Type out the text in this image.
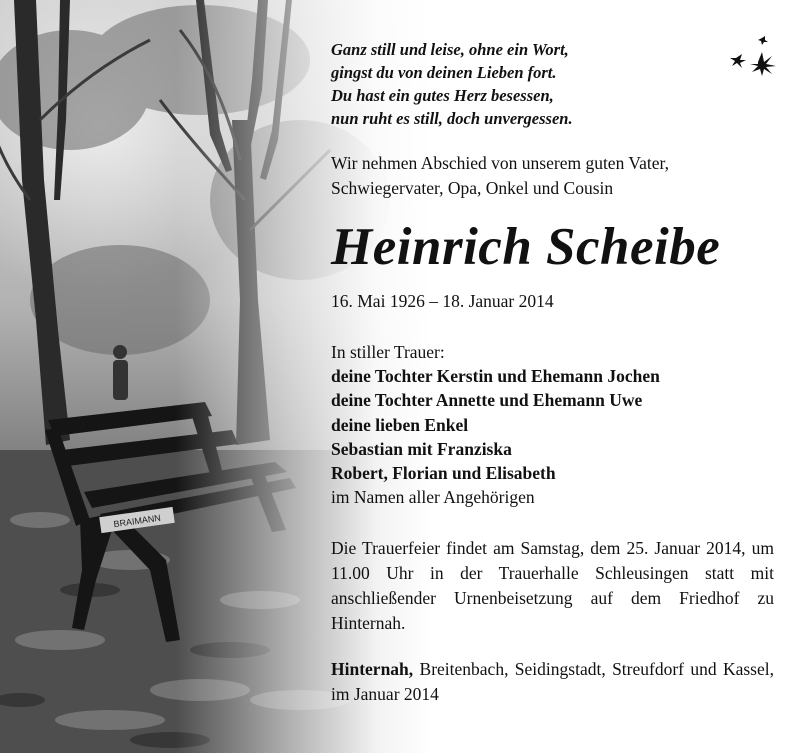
Ganz still und leise, ohne ein Wort,
gingst du von deinen Lieben fort.
Du hast ein gutes Herz besessen,
nun ruht es still, doch unvergessen.
Wir nehmen Abschied von unserem guten Vater,
Schwiegervater, Opa, Onkel und Cousin
Heinrich Scheibe
16. Mai 1926 – 18. Januar 2014
In stiller Trauer:
deine Tochter Kerstin und Ehemann Jochen
deine Tochter Annette und Ehemann Uwe
deine lieben Enkel
Sebastian mit Franziska
Robert, Florian und Elisabeth
im Namen aller Angehörigen
Die Trauerfeier findet am Samstag, dem 25. Januar 2014, um 11.00 Uhr in der Trauerhalle Schleusingen statt mit anschließender Urnenbeisetzung auf dem Friedhof zu Hinternah.
Hinternah, Breitenbach, Seidingstadt, Streufdorf und Kassel, im Januar 2014
